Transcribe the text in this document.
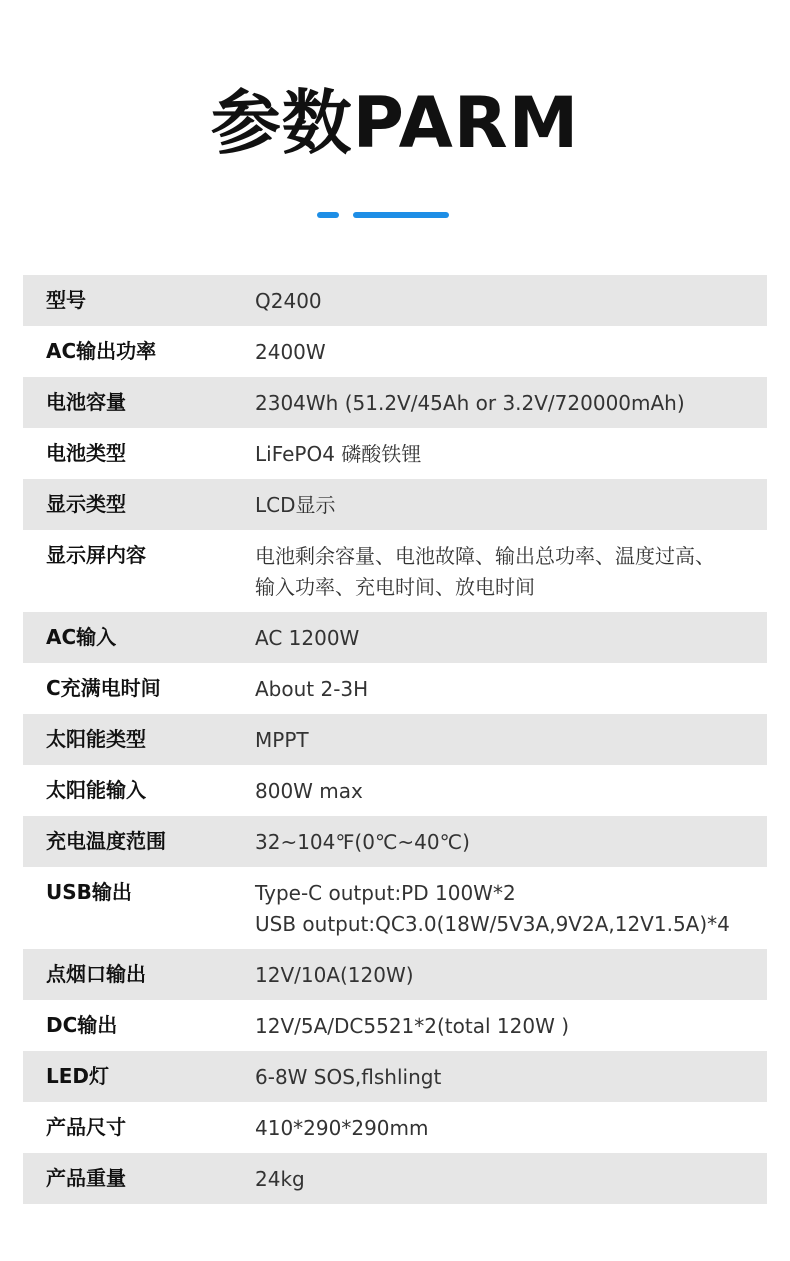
参数PARM
型号	Q2400
AC输出功率	2400W
电池容量	2304Wh (51.2V/45Ah or 3.2V/720000mAh)
电池类型	LiFePO4 磷酸铁锂
显示类型	LCD显示
显示屏内容	电池剩余容量、电池故障、输出总功率、温度过高、
输入功率、充电时间、放电时间
AC输入	AC 1200W
C充满电时间	About 2-3H
太阳能类型	MPPT
太阳能输入	800W max
充电温度范围	32~104℉(0℃~40℃)
USB输出	Type-C output:PD 100W*2
USB output:QC3.0(18W/5V3A,9V2A,12V1.5A)*4
点烟口输出	12V/10A(120W)
DC输出	12V/5A/DC5521*2(total 120W )
LED灯	6-8W SOS,flshlingt
产品尺寸	410*290*290mm
产品重量	24kg
